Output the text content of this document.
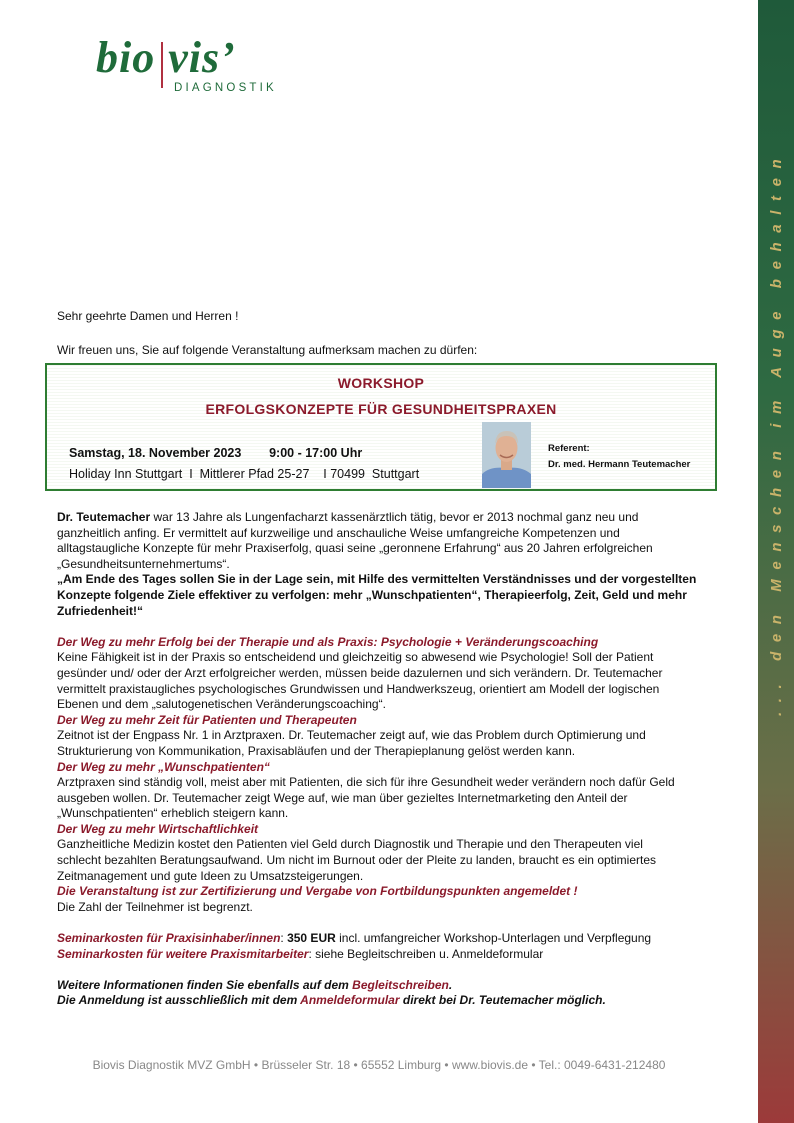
... den Menschen im Auge behalten
bio vis’
DIAGNOSTIK

Sehr geehrte Damen und Herren !

Wir freuen uns, Sie auf folgende Veranstaltung aufmerksam machen zu dürfen:

WORKSHOP
ERFOLGSKONZEPTE FÜR GESUNDHEITSPRAXEN
Samstag, 18. November 2023        9:00 - 17:00 Uhr
Holiday Inn Stuttgart  I  Mittlerer Pfad 25-27    I 70499  Stuttgart
Referent:
Dr. med. Hermann Teutemacher
Dr. Teutemacher war 13 Jahre als Lungenfacharzt kassenärztlich tätig, bevor er 2013 nochmal ganz neu und
ganzheitlich anfing. Er vermittelt auf kurzweilige und anschauliche Weise umfangreiche Kompetenzen und
alltagstaugliche Konzepte für mehr Praxiserfolg, quasi seine „geronnene Erfahrung“ aus 20 Jahren erfolgreichen
„Gesundheitsunternehmertums“.
„Am Ende des Tages sollen Sie in der Lage sein, mit Hilfe des vermittelten Verständnisses und der vorgestellten
Konzepte folgende Ziele effektiver zu verfolgen: mehr „Wunschpatienten“, Therapieerfolg, Zeit, Geld und mehr
Zufriedenheit!“
Der Weg zu mehr Erfolg bei der Therapie und als Praxis: Psychologie + Veränderungscoaching
Keine Fähigkeit ist in der Praxis so entscheidend und gleichzeitig so abwesend wie Psychologie! Soll der Patient
gesünder und/ oder der Arzt erfolgreicher werden, müssen beide dazulernen und sich verändern. Dr. Teutemacher
vermittelt praxistaugliches psychologisches Grundwissen und Handwerkszeug, orientiert am Modell der logischen
Ebenen und dem „salutogenetischen Veränderungscoaching“.
Der Weg zu mehr Zeit für Patienten und Therapeuten
Zeitnot ist der Engpass Nr. 1 in Arztpraxen. Dr. Teutemacher zeigt auf, wie das Problem durch Optimierung und
Strukturierung von Kommunikation, Praxisabläufen und der Therapieplanung gelöst werden kann.
Der Weg zu mehr „Wunschpatienten“
Arztpraxen sind ständig voll, meist aber mit Patienten, die sich für ihre Gesundheit weder verändern noch dafür Geld
ausgeben wollen. Dr. Teutemacher zeigt Wege auf, wie man über gezieltes Internetmarketing den Anteil der
„Wunschpatienten“ erheblich steigern kann.
Der Weg zu mehr Wirtschaftlichkeit
Ganzheitliche Medizin kostet den Patienten viel Geld durch Diagnostik und Therapie und den Therapeuten viel
schlecht bezahlten Beratungsaufwand. Um nicht im Burnout oder der Pleite zu landen, braucht es ein optimiertes
Zeitmanagement und gute Ideen zu Umsatzsteigerungen.
Die Veranstaltung ist zur Zertifizierung und Vergabe von Fortbildungspunkten angemeldet !
Die Zahl der Teilnehmer ist begrenzt.
Seminarkosten für Praxisinhaber/innen: 350 EUR incl. umfangreicher Workshop-Unterlagen und Verpflegung
Seminarkosten für weitere Praxismitarbeiter: siehe Begleitschreiben u. Anmeldeformular
Weitere Informationen finden Sie ebenfalls auf dem Begleitschreiben.
Die Anmeldung ist ausschließlich mit dem Anmeldeformular direkt bei Dr. Teutemacher möglich.
Biovis Diagnostik MVZ GmbH • Brüsseler Str. 18 • 65552 Limburg • www.biovis.de • Tel.: 0049-6431-212480
